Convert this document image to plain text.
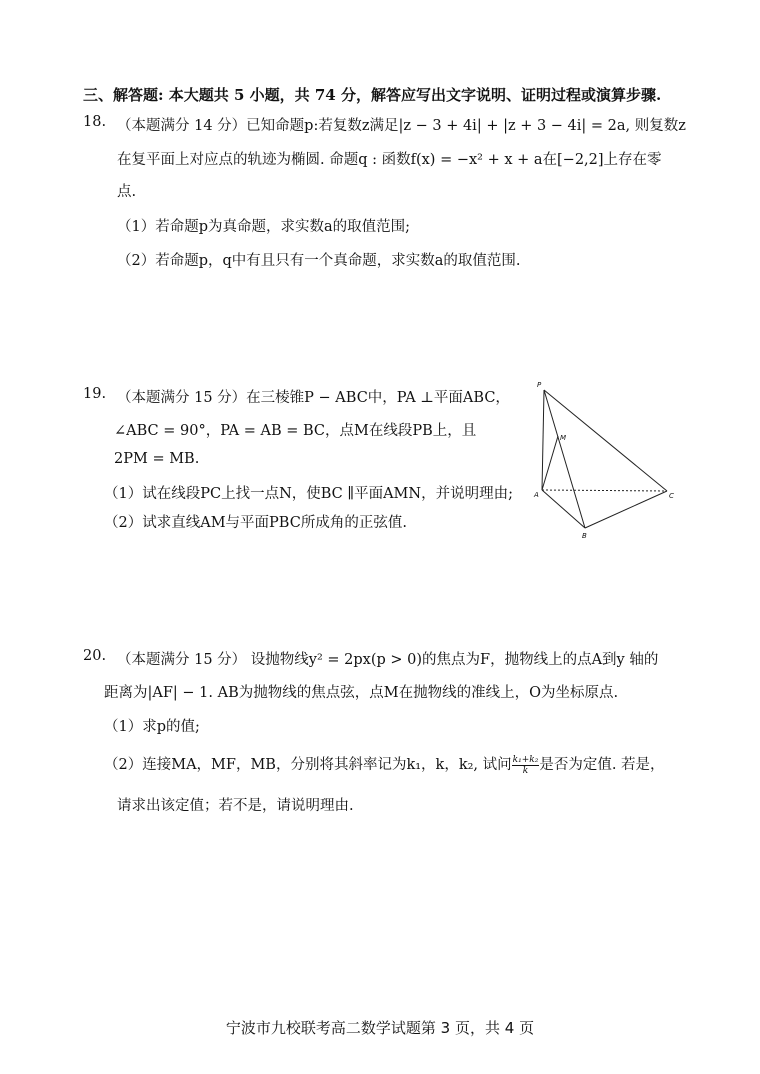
三、解答题: 本大题共 5 小题，共 74 分，解答应写出文字说明、证明过程或演算步骤.
18. （本题满分 14 分）已知命题p:若复数z满足|z − 3 + 4i| + |z + 3 − 4i| = 2a, 则复数z
在复平面上对应点的轨迹为椭圆. 命题q : 函数f(x) = −x² + x + a在[−2,2]上存在零
点.
（1）若命题p为真命题，求实数a的取值范围;
（2）若命题p，q中有且只有一个真命题，求实数a的取值范围.
19. （本题满分 15 分）在三棱锥P − ABC中，PA ⊥平面ABC，
∠ABC = 90°，PA = AB = BC，点M在线段PB上，且
2PM = MB.
（1）试在线段PC上找一点N，使BC ∥平面AMN，并说明理由;
（2）试求直线AM与平面PBC所成角的正弦值.
P
M
A	C
B
20. （本题满分 15 分） 设抛物线y² = 2px(p > 0)的焦点为F，抛物线上的点A到y 轴的
距离为|AF| − 1. AB为抛物线的焦点弦，点M在抛物线的准线上，O为坐标原点.
（1）求p的值;
（2）连接MA，MF，MB，分别将其斜率记为k₁，k，k₂, 试问 $\frac{\text{k₁+k₂}}{k}$ 是否为定值. 若是，
请求出该定值；若不是，请说明理由.
宁波市九校联考高二数学试题第 3 页，共 4 页
